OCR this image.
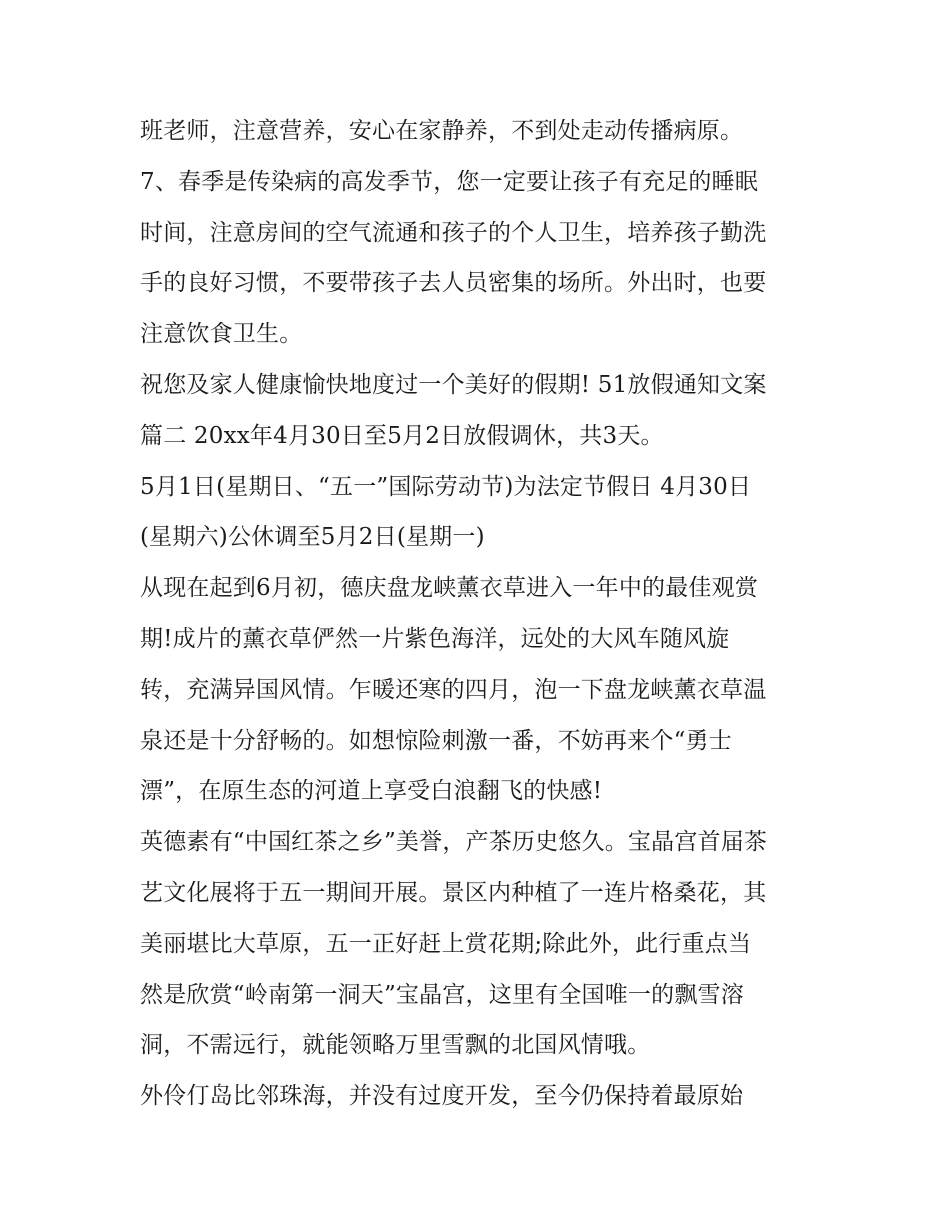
班老师，注意营养，安心在家静养，不到处走动传播病原。
7、春季是传染病的高发季节，您一定要让孩子有充足的睡眠
时间，注意房间的空气流通和孩子的个人卫生，培养孩子勤洗
手的良好习惯，不要带孩子去人员密集的场所。外出时，也要
注意饮食卫生。
祝您及家人健康愉快地度过一个美好的假期! 51放假通知文案
篇二 20xx年4月30日至5月2日放假调休，共3天。
5月1日(星期日、“五一”国际劳动节)为法定节假日 4月30日
(星期六)公休调至5月2日(星期一)
从现在起到6月初，德庆盘龙峡薰衣草进入一年中的最佳观赏
期!成片的薰衣草俨然一片紫色海洋，远处的大风车随风旋
转，充满异国风情。乍暖还寒的四月，泡一下盘龙峡薰衣草温
泉还是十分舒畅的。如想惊险刺激一番，不妨再来个“勇士
漂”，在原生态的河道上享受白浪翻飞的快感!
英德素有“中国红茶之乡”美誉，产茶历史悠久。宝晶宫首届茶
艺文化展将于五一期间开展。景区内种植了一连片格桑花，其
美丽堪比大草原，五一正好赶上赏花期;除此外，此行重点当
然是欣赏“岭南第一洞天”宝晶宫，这里有全国唯一的飘雪溶
洞，不需远行，就能领略万里雪飘的北国风情哦。
外伶仃岛比邻珠海，并没有过度开发，至今仍保持着最原始
